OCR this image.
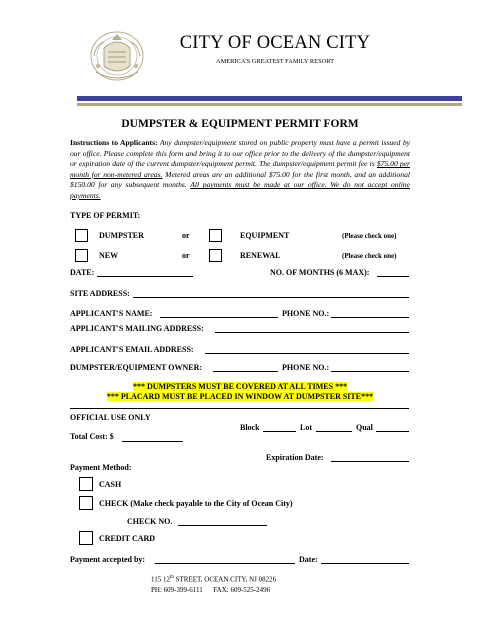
CITY OF OCEAN CITY
AMERICA'S GREATEST FAMILY RESORT
DUMPSTER & EQUIPMENT PERMIT FORM
Instructions to Applicants: Any dumpster/equipment stored on public property must have a permit issued by our office. Please complete this form and bring it to our office prior to the delivery of the dumpster/equipment or expiration date of the current dumpster/equipment permit. The dumpster/equipment permit fee is $75.00 per month for non-metered areas. Metered areas are an additional $75.00 for the first month, and an additional $150.00 for any subsequent months. All payments must be made at our office. We do not accept online payments.
TYPE OF PERMIT:
DUMPSTER	or	EQUIPMENT	(Please check one)
NEW	or	RENEWAL	(Please check one)
DATE:	NO. OF MONTHS (6 MAX):
SITE ADDRESS:
APPLICANT'S NAME:	PHONE NO.:
APPLICANT'S MAILING ADDRESS:
APPLICANT'S EMAIL ADDRESS:
DUMPSTER/EQUIPMENT OWNER:	PHONE NO.:
*** DUMPSTERS MUST BE COVERED AT ALL TIMES ***
*** PLACARD MUST BE PLACED IN WINDOW AT DUMPSTER SITE***
OFFICIAL USE ONLY
Block	Lot	Qual
Total Cost: $
Expiration Date:
Payment Method:
CASH
CHECK (Make check payable to the City of Ocean City)
CHECK NO.
CREDIT CARD
Payment accepted by:	Date:
115 12th STREET, OCEAN CITY, NJ 08226
PH: 609-399-6111      FAX: 609-525-2496
